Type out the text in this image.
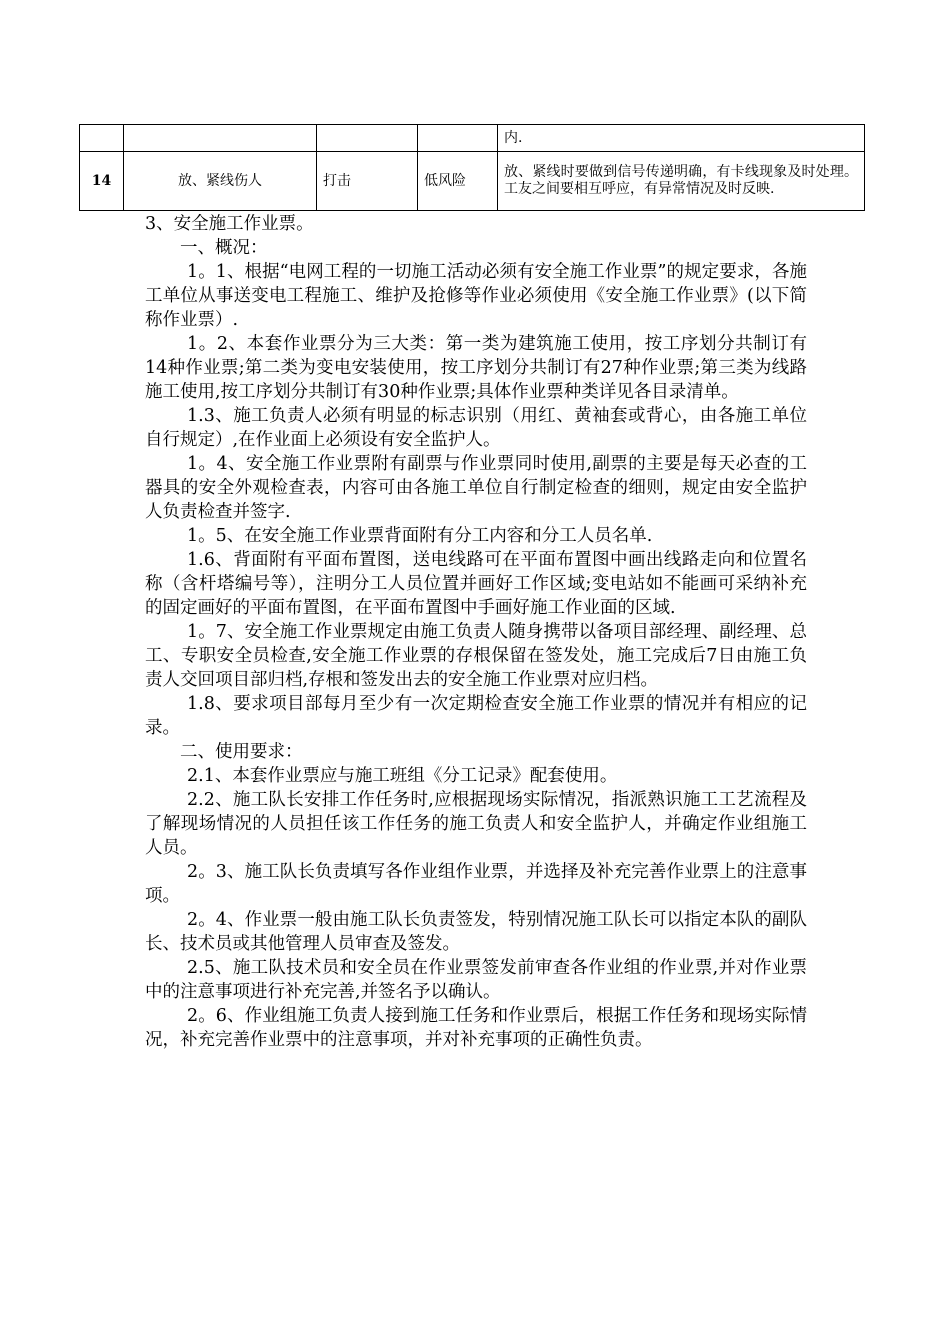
				内.
14	放、紧线伤人	打击	低风险	放、紧线时要做到信号传递明确，有卡线现象及时处理。工友之间要相互呼应，有异常情况及时反映.

3、安全施工作业票。

一、概况：

1。1、根据“电网工程的一切施工活动必须有安全施工作业票”的规定要求，各施工单位从事送变电工程施工、维护及抢修等作业必须使用《安全施工作业票》(以下简称作业票）.

1。2、本套作业票分为三大类：第一类为建筑施工使用，按工序划分共制订有14种作业票;第二类为变电安装使用，按工序划分共制订有27种作业票;第三类为线路施工使用,按工序划分共制订有30种作业票;具体作业票种类详见各目录清单。

1.3、施工负责人必须有明显的标志识别（用红、黄袖套或背心，由各施工单位自行规定）,在作业面上必须设有安全监护人。

1。4、安全施工作业票附有副票与作业票同时使用,副票的主要是每天必查的工器具的安全外观检查表，内容可由各施工单位自行制定检查的细则，规定由安全监护人负责检查并签字.

1。5、在安全施工作业票背面附有分工内容和分工人员名单.

1.6、背面附有平面布置图，送电线路可在平面布置图中画出线路走向和位置名称（含杆塔编号等），注明分工人员位置并画好工作区域;变电站如不能画可采纳补充的固定画好的平面布置图，在平面布置图中手画好施工作业面的区域.

1。7、安全施工作业票规定由施工负责人随身携带以备项目部经理、副经理、总工、专职安全员检查,安全施工作业票的存根保留在签发处，施工完成后7日由施工负责人交回项目部归档,存根和签发出去的安全施工作业票对应归档。

1.8、要求项目部每月至少有一次定期检查安全施工作业票的情况并有相应的记录。

二、使用要求：

2.1、本套作业票应与施工班组《分工记录》配套使用。

2.2、施工队长安排工作任务时,应根据现场实际情况，指派熟识施工工艺流程及了解现场情况的人员担任该工作任务的施工负责人和安全监护人，并确定作业组施工人员。

2。3、施工队长负责填写各作业组作业票，并选择及补充完善作业票上的注意事项。

2。4、作业票一般由施工队长负责签发，特别情况施工队长可以指定本队的副队长、技术员或其他管理人员审查及签发。

2.5、施工队技术员和安全员在作业票签发前审查各作业组的作业票,并对作业票中的注意事项进行补充完善,并签名予以确认。

2。6、作业组施工负责人接到施工任务和作业票后，根据工作任务和现场实际情况，补充完善作业票中的注意事项，并对补充事项的正确性负责。
